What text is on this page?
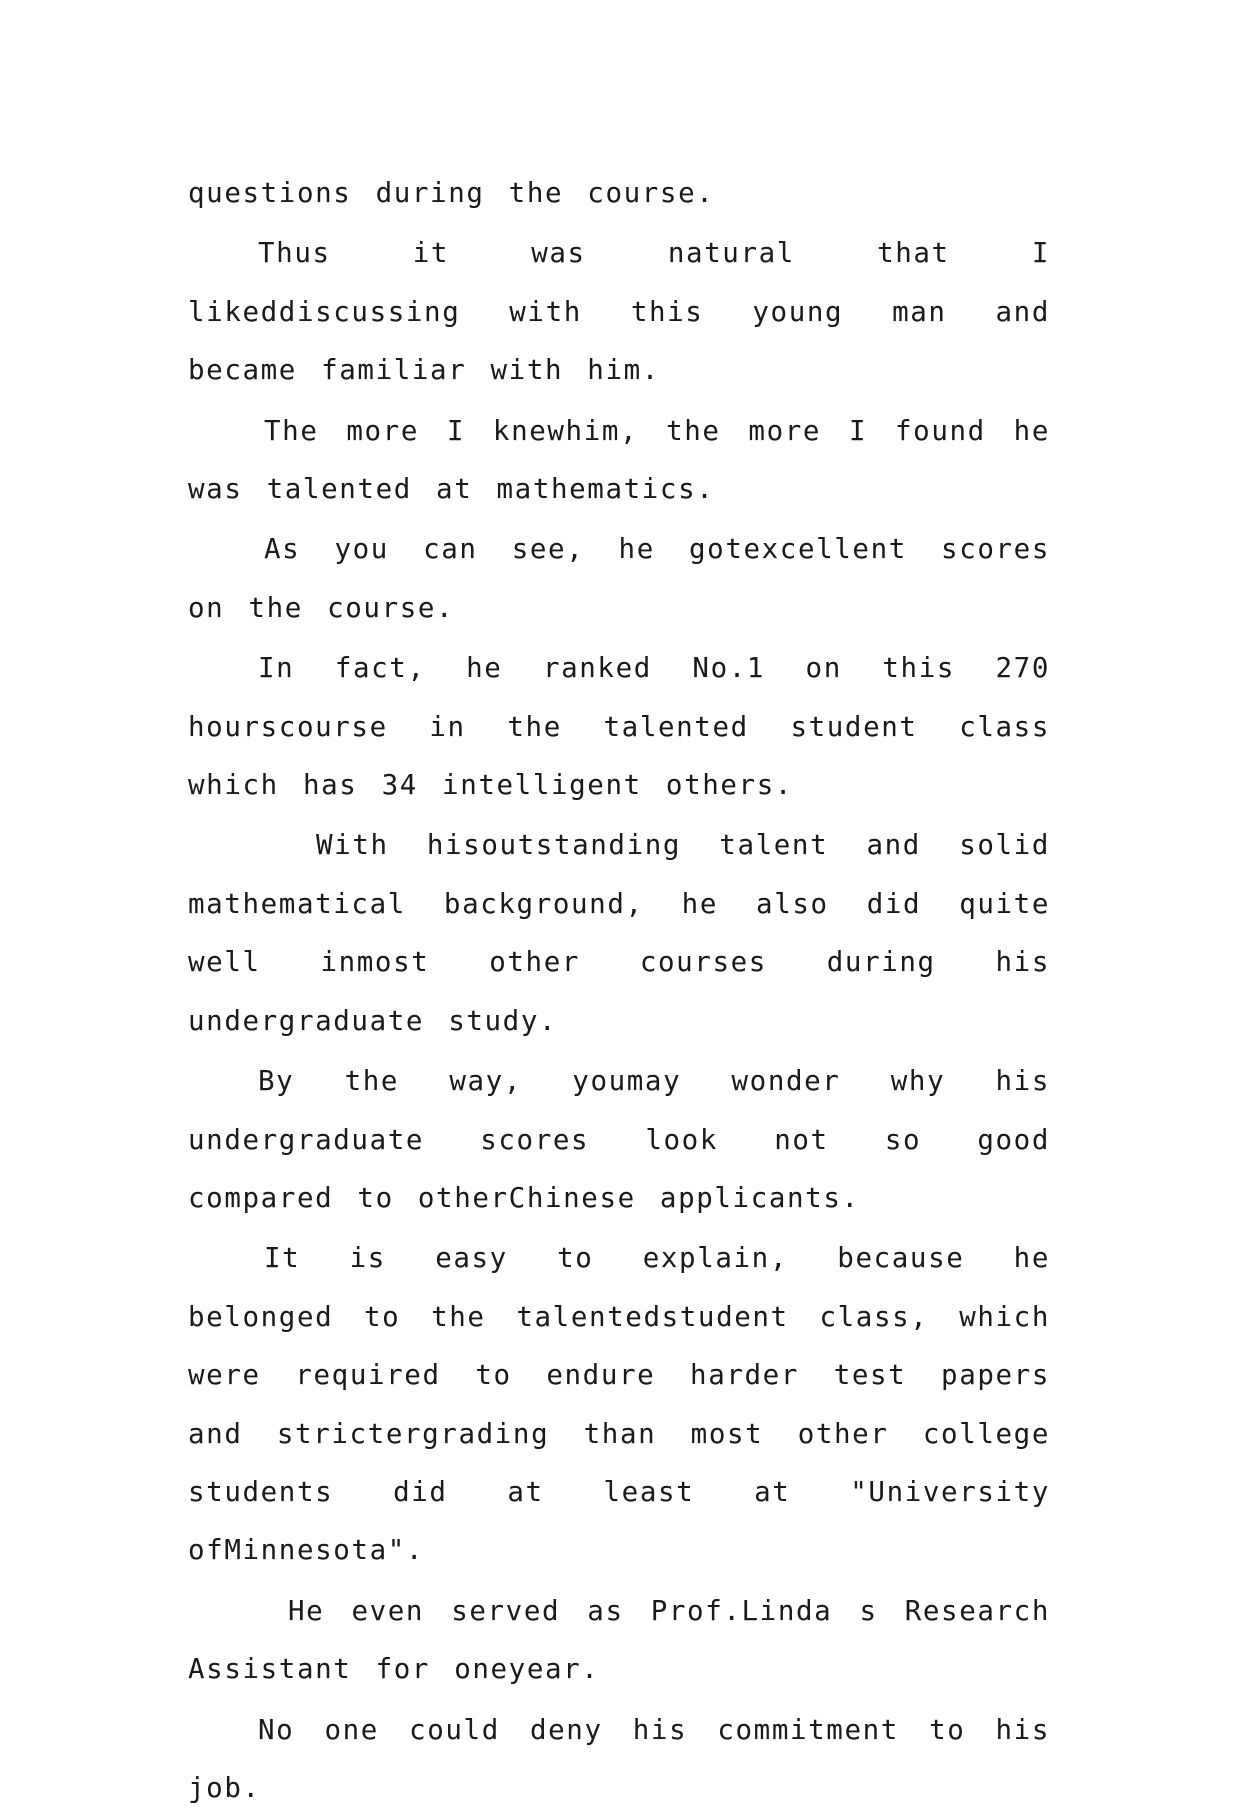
questions during the course.

Thus it was natural that I likeddiscussing with this young man and became familiar with him.

The more I knewhim, the more I found he was talented at mathematics.

As you can see, he gotexcellent scores on the course.

In fact, he ranked No.1 on this 270 hourscourse in the talented student class which has 34 intelligent others.

With hisoutstanding talent and solid mathematical background, he also did quite well inmost other courses during his undergraduate study.

By the way, youmay wonder why his undergraduate scores look not so good compared to otherChinese applicants.

It is easy to explain, because he belonged to the talentedstudent class, which were required to endure harder test papers and strictergrading than most other college students did at least at "University ofMinnesota".

He even served as Prof.Linda s Research Assistant for oneyear.

No one could deny his commitment to his job.
